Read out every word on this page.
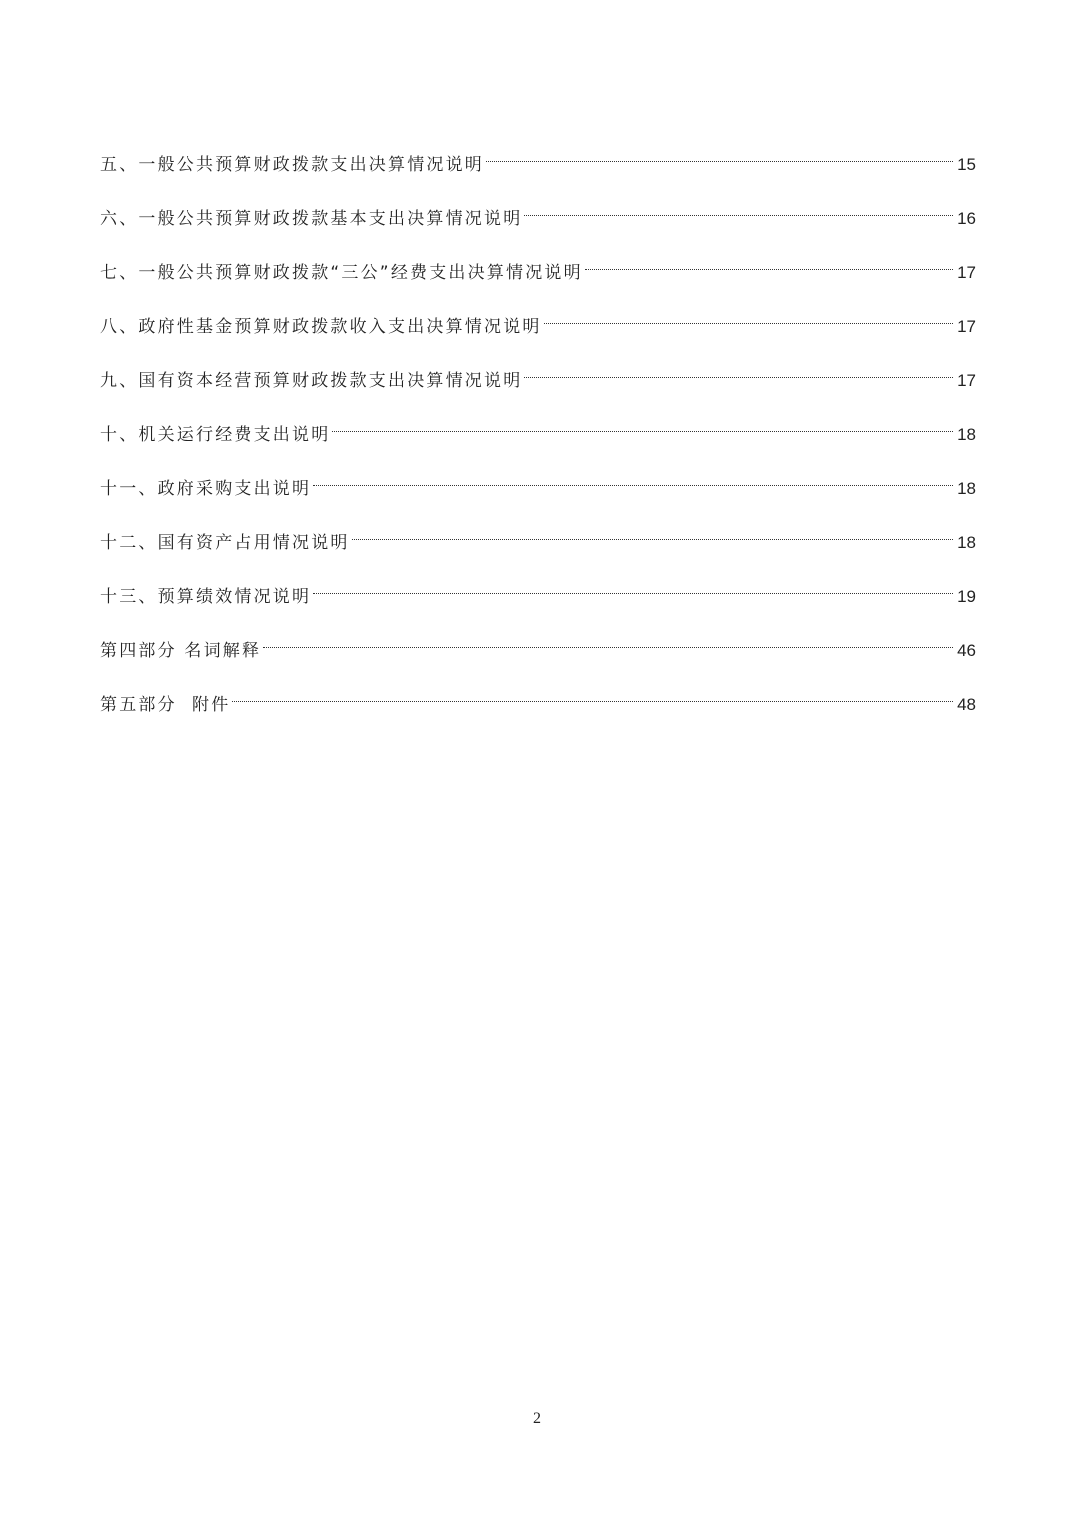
五、一般公共预算财政拨款支出决算情况说明	15
六、一般公共预算财政拨款基本支出决算情况说明	16
七、一般公共预算财政拨款“三公”经费支出决算情况说明	17
八、政府性基金预算财政拨款收入支出决算情况说明	17
九、国有资本经营预算财政拨款支出决算情况说明	17
十、机关运行经费支出说明	18
十一、政府采购支出说明	18
十二、国有资产占用情况说明	18
十三、预算绩效情况说明	19
第四部分 名词解释	46
第五部分  附件	48
2
